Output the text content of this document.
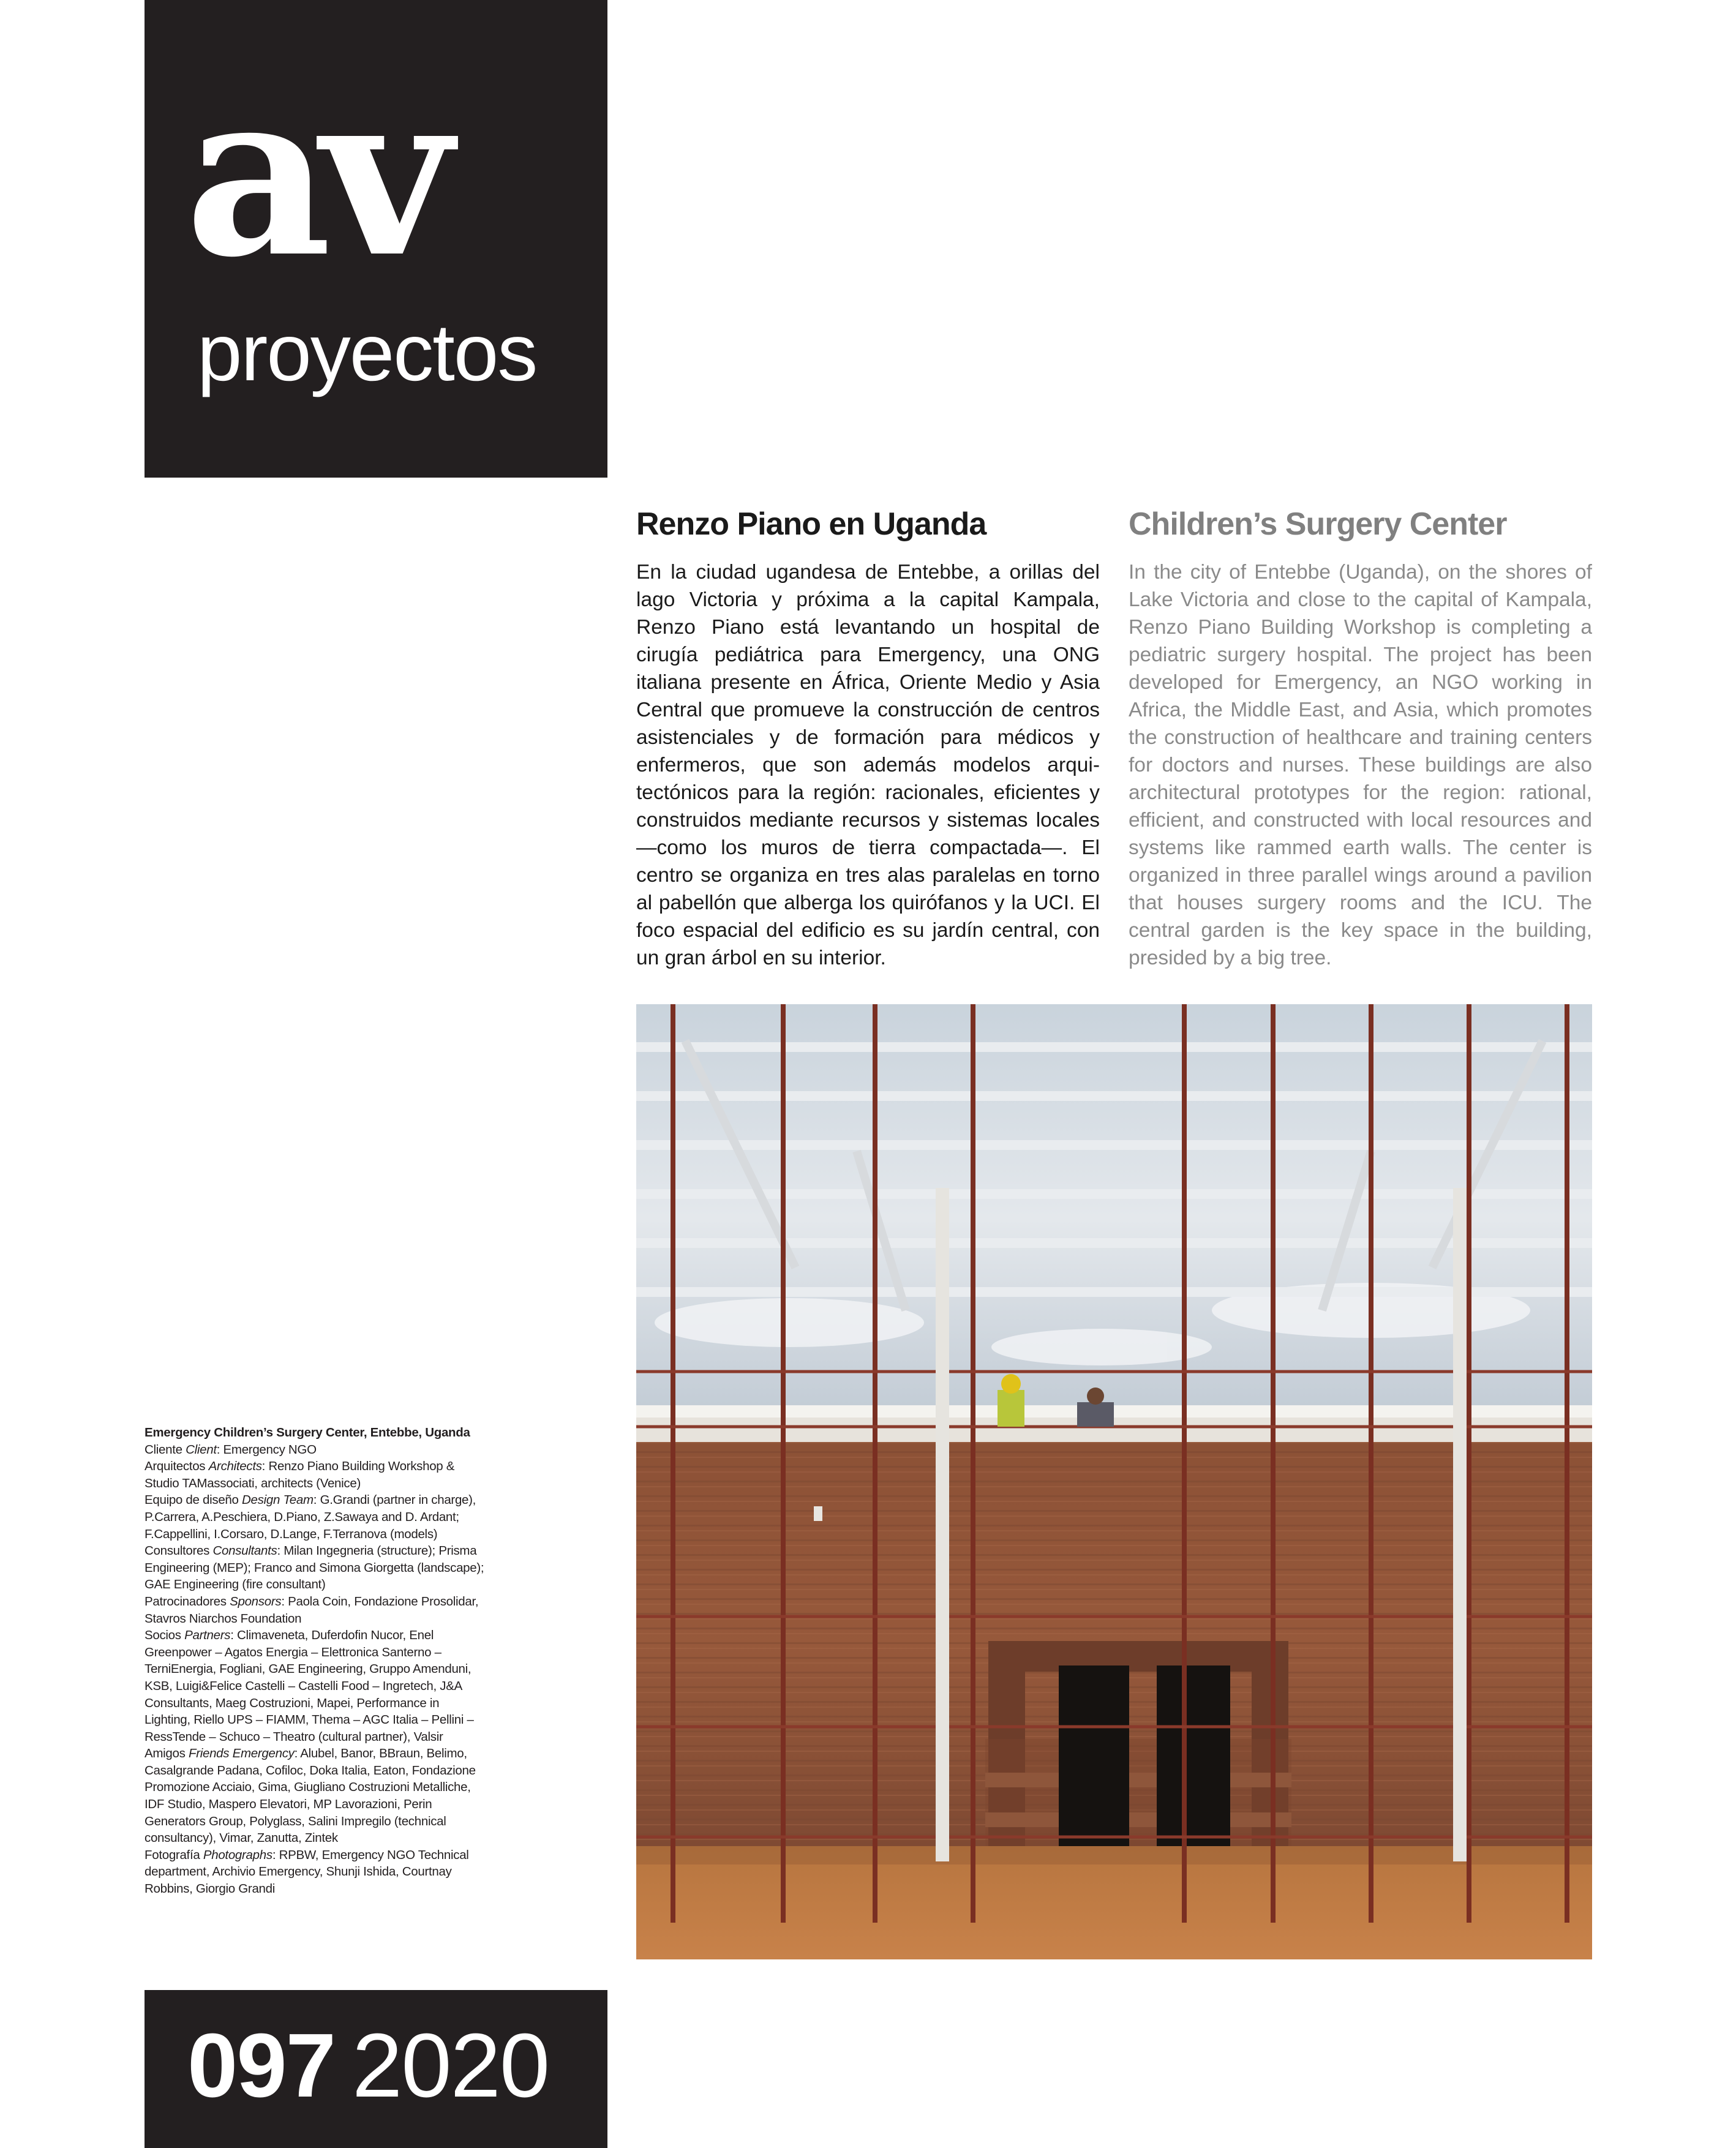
av
proyectos
Renzo Piano en Uganda	Children’s Surgery Center
En la ciudad ugandesa de Entebbe, a orillas del lago Victoria y próxima a la capital Kampala, Renzo Piano está levantando un hospital de cirugía pediátrica para Emergency, una ONG italiana presente en África, Oriente Medio y Asia Central que promueve la construcción de centros asistenciales y de formación para médicos y enfermeros, que son además modelos arquitectónicos para la región: racionales, eficientes y construidos mediante recursos y sistemas locales —como los muros de tierra compactada—. El centro se organiza en tres alas paralelas en torno al pabellón que alberga los quirófanos y la UCI. El foco espacial del edificio es su jardín central, con un gran árbol en su interior.
In the city of Entebbe (Uganda), on the shores of Lake Victoria and close to the capital of Kampala, Renzo Piano Building Workshop is completing a pediatric surgery hospital. The project has been developed for Emergency, an NGO working in Africa, the Middle East, and Asia, which promotes the construction of healthcare and training centers for doctors and nurses. These buildings are also architectural prototypes for the region: rational, efficient, and constructed with local resources and systems like rammed earth walls. The center is organized in three parallel wings around a pavilion that houses surgery rooms and the ICU. The central garden is the key space in the building, presided by a big tree.
Emergency Children’s Surgery Center, Entebbe, Uganda
Cliente Client: Emergency NGO
Arquitectos Architects: Renzo Piano Building Workshop & Studio TAMassociati, architects (Venice)
Equipo de diseño Design Team: G.Grandi (partner in charge), P.Carrera, A.Peschiera, D.Piano, Z.Sawaya and D. Ardant; F.Cappellini, I.Corsaro, D.Lange, F.Terranova (models)
Consultores Consultants: Milan Ingegneria (structure); Prisma Engineering (MEP); Franco and Simona Giorgetta (landscape); GAE Engineering (fire consultant)
Patrocinadores Sponsors: Paola Coin, Fondazione Prosolidar, Stavros Niarchos Foundation
Socios Partners: Climaveneta, Duferdofin Nucor, Enel Greenpower – Agatos Energia – Elettronica Santerno – TerniEnergia, Fogliani, GAE Engineering, Gruppo Amenduni, KSB, Luigi&Felice Castelli – Castelli Food – Ingretech, J&A Consultants, Maeg Costruzioni, Mapei, Performance in Lighting, Riello UPS – FIAMM, Thema – AGC Italia – Pellini – RessTende – Schuco – Theatro (cultural partner), Valsir
Amigos Friends Emergency: Alubel, Banor, BBraun, Belimo, Casalgrande Padana, Cofiloc, Doka Italia, Eaton, Fondazione Promozione Acciaio, Gima, Giugliano Costruzioni Metalliche, IDF Studio, Maspero Elevatori, MP Lavorazioni, Perin Generators Group, Polyglass, Salini Impregilo (technical consultancy), Vimar, Zanutta, Zintek
Fotografía Photographs: RPBW, Emergency NGO Technical department, Archivio Emergency, Shunji Ishida, Courtnay Robbins, Giorgio Grandi
097 2020
